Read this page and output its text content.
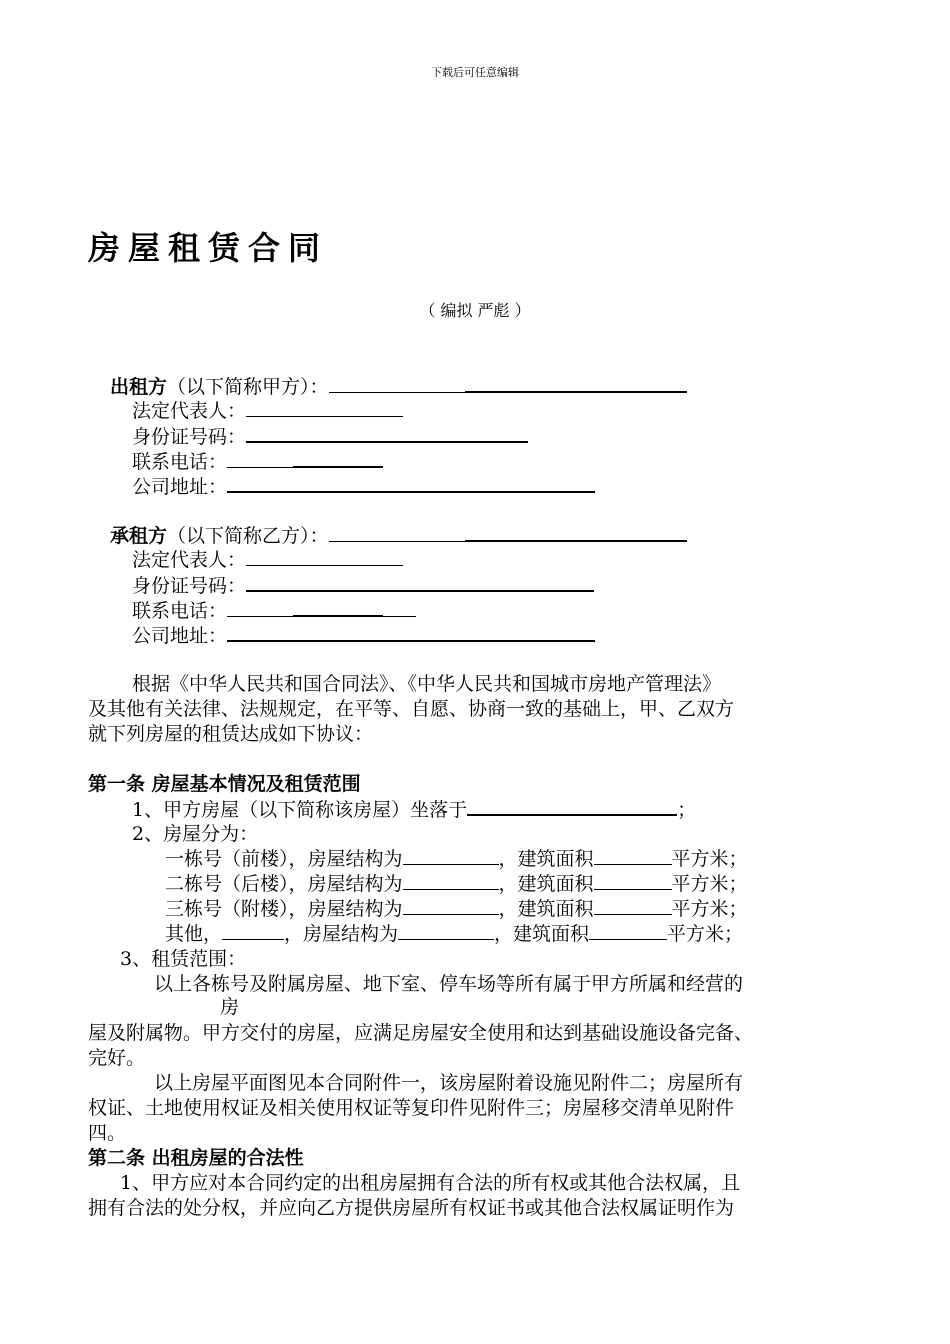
下载后可任意编辑
房屋租赁合同
（ 编拟 严彪 ）
出租方（以下简称甲方）：
法定代表人：
身份证号码：
联系电话：
公司地址：
承租方（以下简称乙方）：
法定代表人：
身份证号码：
联系电话：
公司地址：
根据《中华人民共和国合同法》、《中华人民共和国城市房地产管理法》
及其他有关法律、法规规定，在平等、自愿、协商一致的基础上，甲、乙双方
就下列房屋的租赁达成如下协议：
第一条 房屋基本情况及租赁范围
1、甲方房屋（以下简称该房屋）坐落于	；
2、房屋分为：
一栋号（前楼），房屋结构为	，建筑面积	平方米；
二栋号（后楼），房屋结构为	，建筑面积	平方米；
三栋号（附楼），房屋结构为	，建筑面积	平方米；
其他，	，房屋结构为	，建筑面积	平方米；
3、租赁范围：
以上各栋号及附属房屋、地下室、停车场等所有属于甲方所属和经营的
房
屋及附属物。甲方交付的房屋，应满足房屋安全使用和达到基础设施设备完备、
完好。
以上房屋平面图见本合同附件一，该房屋附着设施见附件二；房屋所有
权证、土地使用权证及相关使用权证等复印件见附件三；房屋移交清单见附件
四。
第二条 出租房屋的合法性
1、甲方应对本合同约定的出租房屋拥有合法的所有权或其他合法权属，且
拥有合法的处分权，并应向乙方提供房屋所有权证书或其他合法权属证明作为
